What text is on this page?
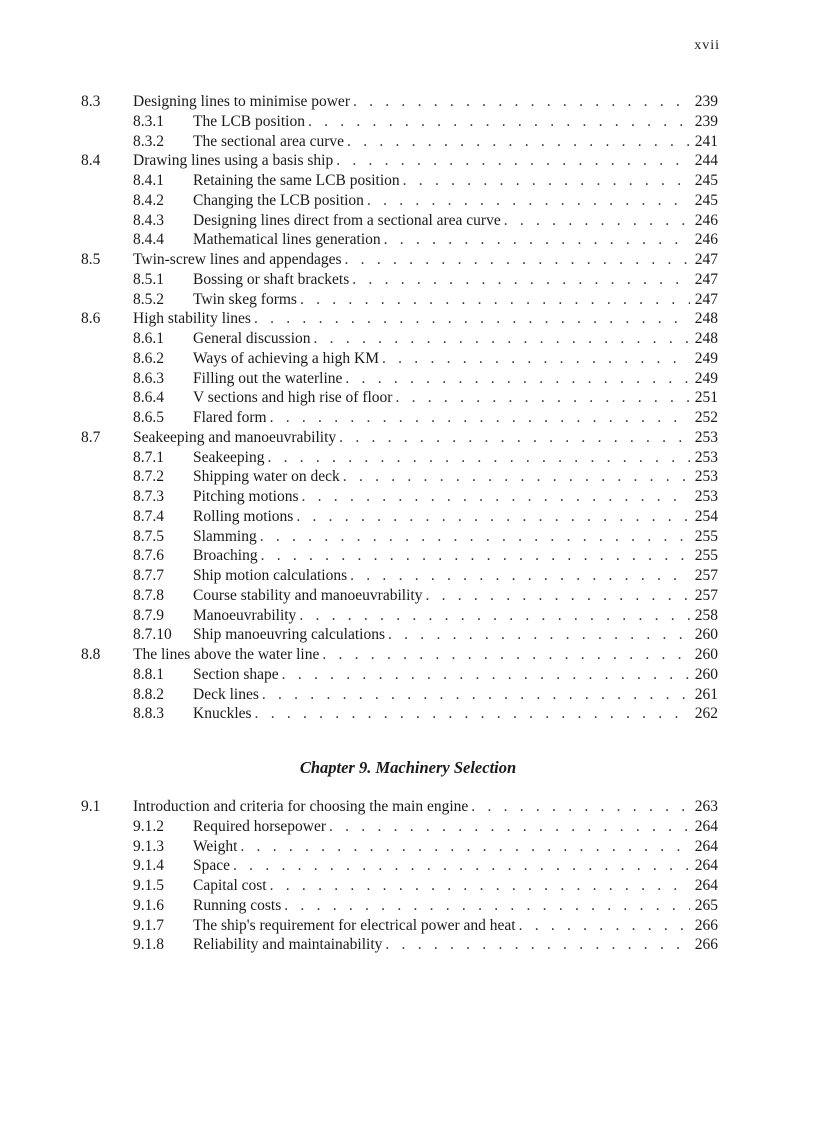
xvii
8.3 Designing lines to minimise power . . .	239
8.3.1 The LCB position . . .	239
8.3.2 The sectional area curve . . .	241
8.4 Drawing lines using a basis ship . . .	244
8.4.1 Retaining the same LCB position . . .	245
8.4.2 Changing the LCB position . . .	245
8.4.3 Designing lines direct from a sectional area curve . . .	246
8.4.4 Mathematical lines generation . . .	246
8.5 Twin-screw lines and appendages . . .	247
8.5.1 Bossing or shaft brackets . . .	247
8.5.2 Twin skeg forms . . .	247
8.6 High stability lines . . .	248
8.6.1 General discussion . . .	248
8.6.2 Ways of achieving a high KM . . .	249
8.6.3 Filling out the waterline . . .	249
8.6.4 V sections and high rise of floor . . .	251
8.6.5 Flared form . . .	252
8.7 Seakeeping and manoeuvrability . . .	253
8.7.1 Seakeeping . . .	253
8.7.2 Shipping water on deck . . .	253
8.7.3 Pitching motions . . .	253
8.7.4 Rolling motions . . .	254
8.7.5 Slamming . . .	255
8.7.6 Broaching . . .	255
8.7.7 Ship motion calculations . . .	257
8.7.8 Course stability and manoeuvrability . . .	257
8.7.9 Manoeuvrability . . .	258
8.7.10 Ship manoeuvring calculations . . .	260
8.8 The lines above the water line . . .	260
8.8.1 Section shape . . .	260
8.8.2 Deck lines . . .	261
8.8.3 Knuckles . . .	262
Chapter 9. Machinery Selection
9.1 Introduction and criteria for choosing the main engine . . .	263
9.1.2 Required horsepower . . .	264
9.1.3 Weight . . .	264
9.1.4 Space . . .	264
9.1.5 Capital cost . . .	264
9.1.6 Running costs . . .	265
9.1.7 The ship's requirement for electrical power and heat . . .	266
9.1.8 Reliability and maintainability . . .	266
